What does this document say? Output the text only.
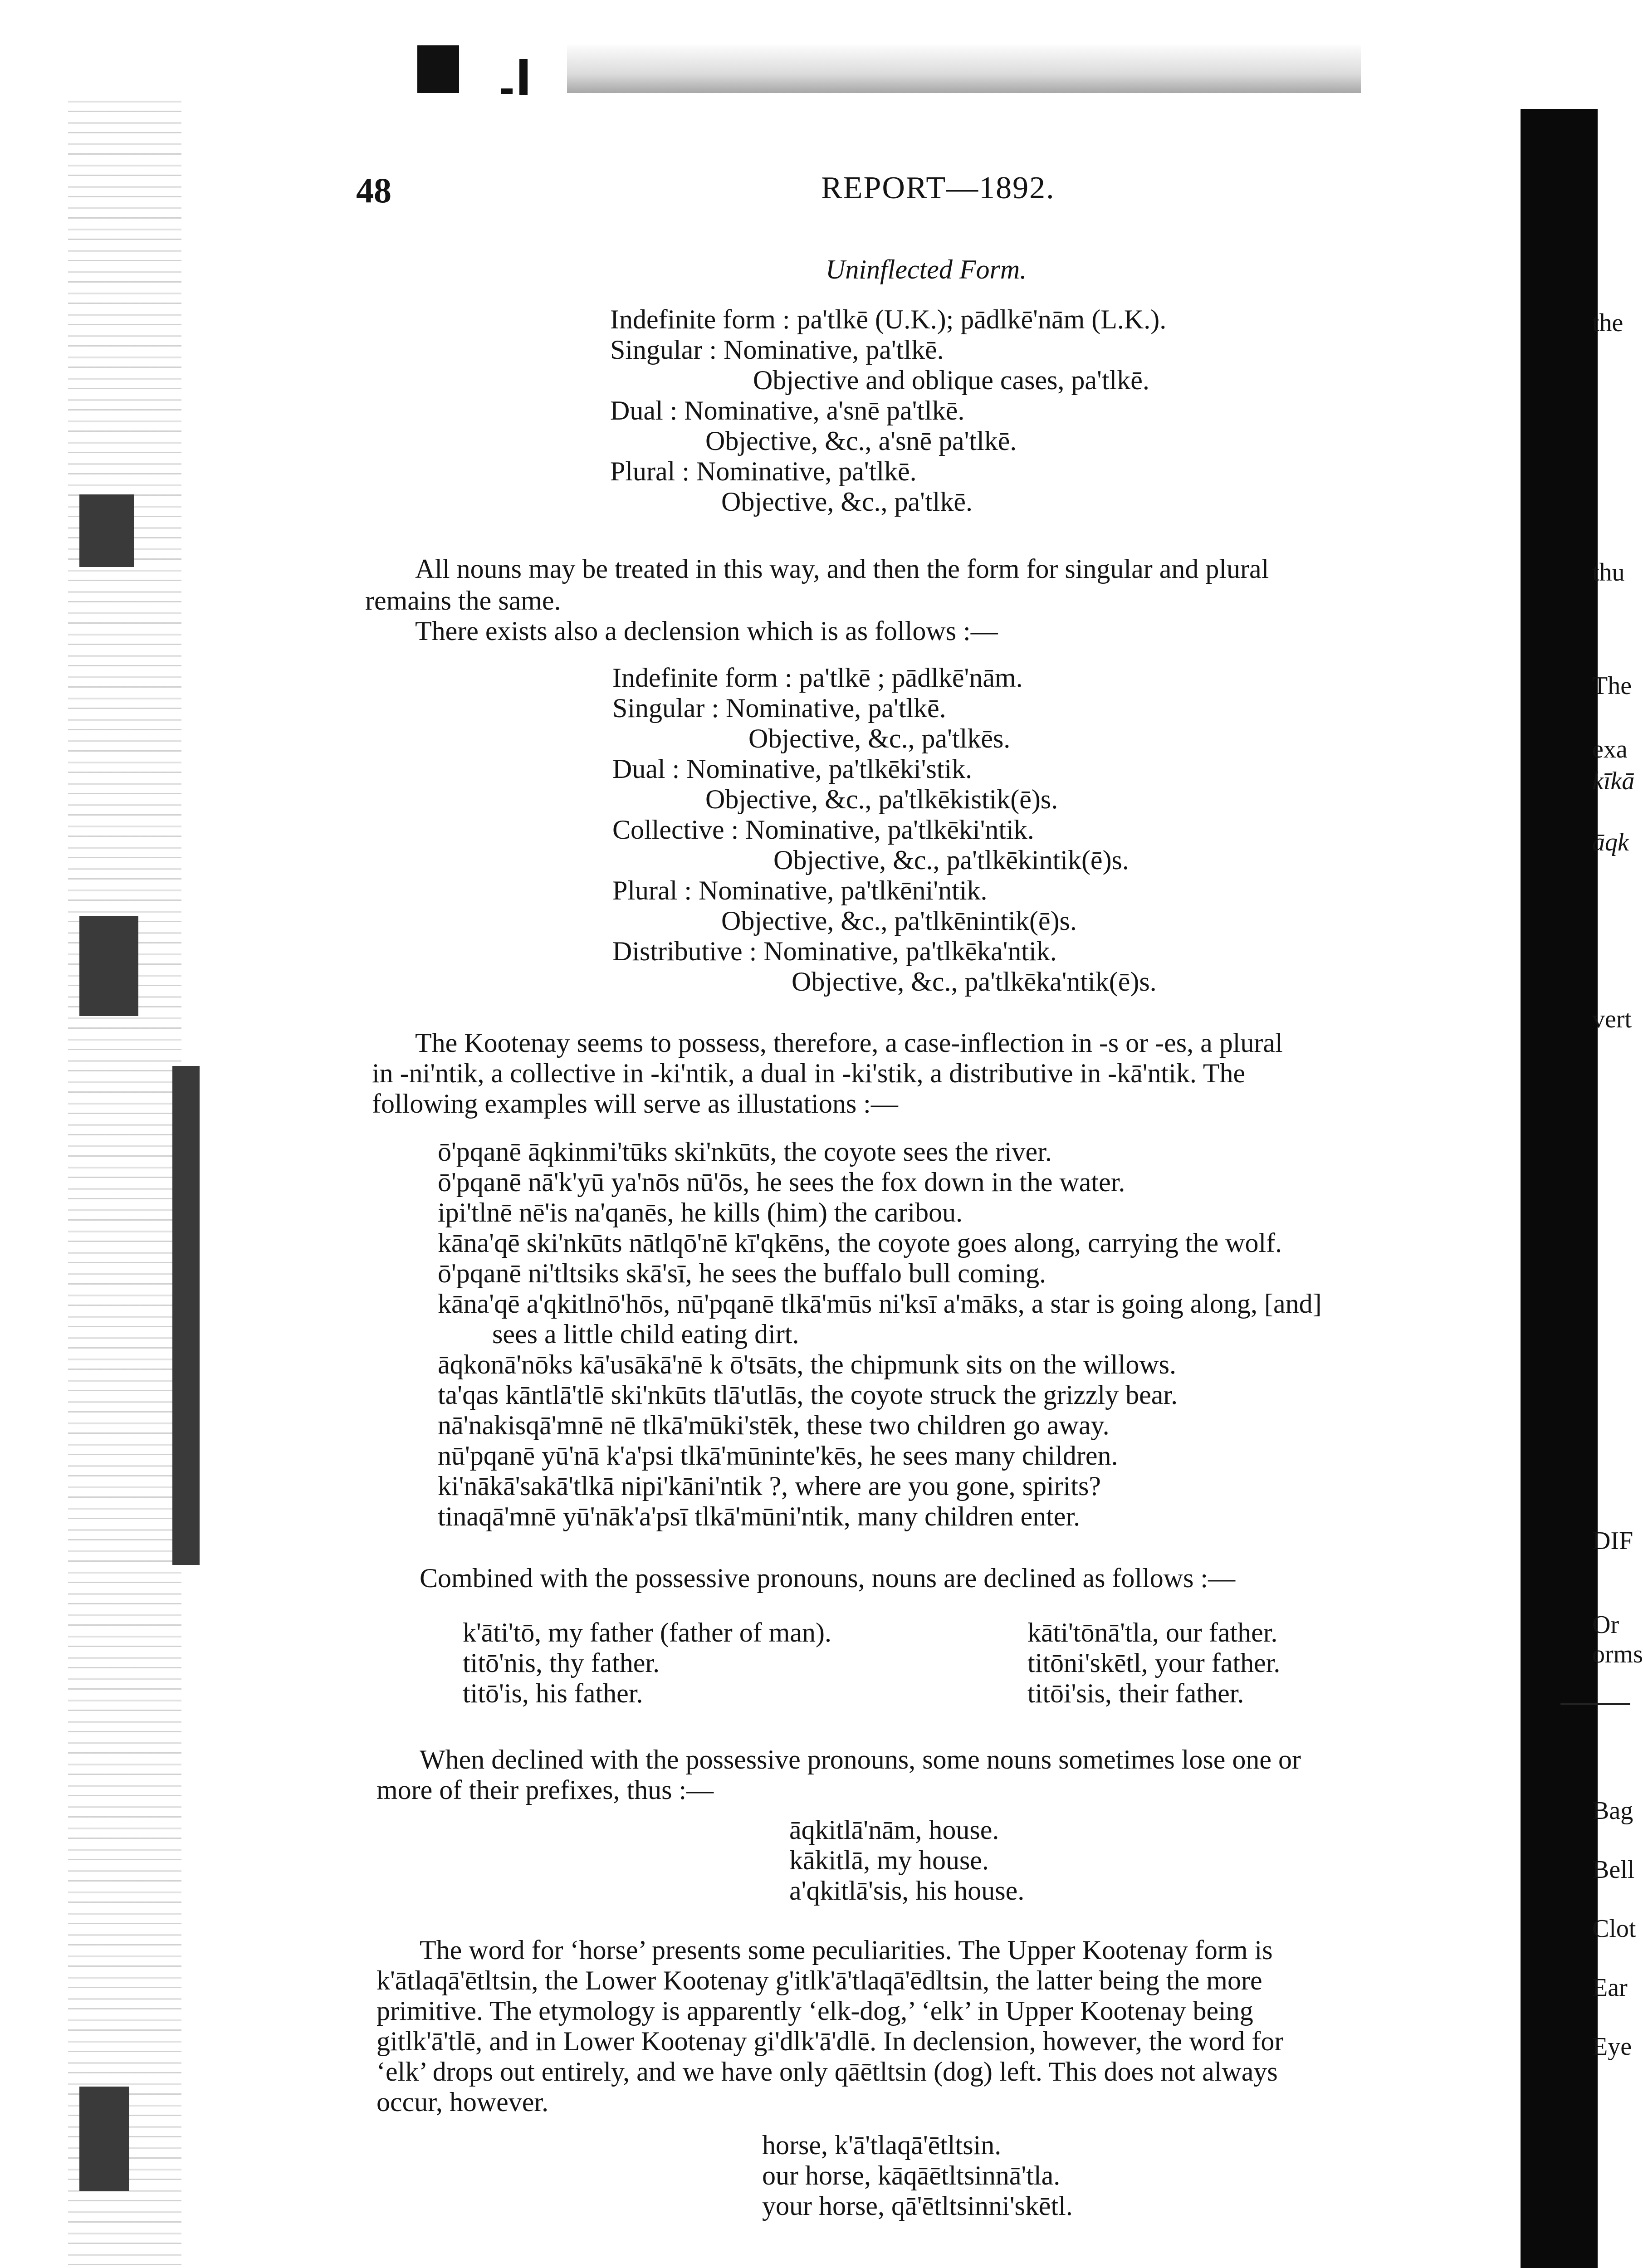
48	REPORT—1892.
Uninflected Form.
Indefinite form : pa'tlkē (U.K.); pādlkē'nām (L.K.).
Singular : Nominative, pa'tlkē.
Objective and oblique cases, pa'tlkē.
Dual : Nominative, a'snē pa'tlkē.
Objective, &c., a'snē pa'tlkē.
Plural : Nominative, pa'tlkē.
Objective, &c., pa'tlkē.
All nouns may be treated in this way, and then the form for singular and plural
remains the same.
There exists also a declension which is as follows :—
Indefinite form : pa'tlkē ; pādlkē'nām.
Singular : Nominative, pa'tlkē.
Objective, &c., pa'tlkēs.
Dual : Nominative, pa'tlkēki'stik.
Objective, &c., pa'tlkēkistik(ē)s.
Collective : Nominative, pa'tlkēki'ntik.
Objective, &c., pa'tlkēkintik(ē)s.
Plural : Nominative, pa'tlkēni'ntik.
Objective, &c., pa'tlkēnintik(ē)s.
Distributive : Nominative, pa'tlkēka'ntik.
Objective, &c., pa'tlkēka'ntik(ē)s.
The Kootenay seems to possess, therefore, a case-inflection in -s or -es, a plural
in -ni'ntik, a collective in -ki'ntik, a dual in -ki'stik, a distributive in -kā'ntik. The
following examples will serve as illustations :—
ō'pqanē āqkinmi'tūks ski'nkūts, the coyote sees the river.
ō'pqanē nā'k'yū ya'nōs nū'ōs, he sees the fox down in the water.
ipi'tlnē nē'is na'qanēs, he kills (him) the caribou.
kāna'qē ski'nkūts nātlqō'nē kī'qkēns, the coyote goes along, carrying the wolf.
ō'pqanē ni'tltsiks skā'sī, he sees the buffalo bull coming.
kāna'qē a'qkitlnō'hōs, nū'pqanē tlkā'mūs ni'ksī a'māks, a star is going along, [and]
sees a little child eating dirt.
āqkonā'nōks kā'usākā'nē k ō'tsāts, the chipmunk sits on the willows.
ta'qas kāntlā'tlē ski'nkūts tlā'utlās, the coyote struck the grizzly bear.
nā'nakisqā'mnē nē tlkā'mūki'stēk, these two children go away.
nū'pqanē yū'nā k'a'psi tlkā'mūninte'kēs, he sees many children.
ki'nākā'sakā'tlkā nipi'kāni'ntik ?, where are you gone, spirits?
tinaqā'mnē yū'nāk'a'psī tlkā'mūni'ntik, many children enter.
Combined with the possessive pronouns, nouns are declined as follows :—
k'āti'tō, my father (father of man).
titō'nis, thy father.
titō'is, his father.
kāti'tōnā'tla, our father.
titōni'skētl, your father.
titōi'sis, their father.
When declined with the possessive pronouns, some nouns sometimes lose one or
more of their prefixes, thus :—
āqkitlā'nām, house.
kākitlā, my house.
a'qkitlā'sis, his house.
The word for ‘horse’ presents some peculiarities. The Upper Kootenay form is
k'ātlaqā'ētltsin, the Lower Kootenay g'itlk'ā'tlaqā'ēdltsin, the latter being the more
primitive. The etymology is apparently ‘elk-dog,’ ‘elk’ in Upper Kootenay being
gitlk'ā'tlē, and in Lower Kootenay gi'dlk'ā'dlē. In declension, however, the word for
‘elk’ drops out entirely, and we have only qāētltsin (dog) left. This does not always
occur, however.
horse, k'ā'tlaqā'ētltsin.
our horse, kāqāētltsinnā'tla.
your horse, qā'ētltsinni'skētl.
the
thu
The
exa
kīkā
āqk
vert
DIF
Or
orms
Bag
Bell
Clot
Ear
Eye
